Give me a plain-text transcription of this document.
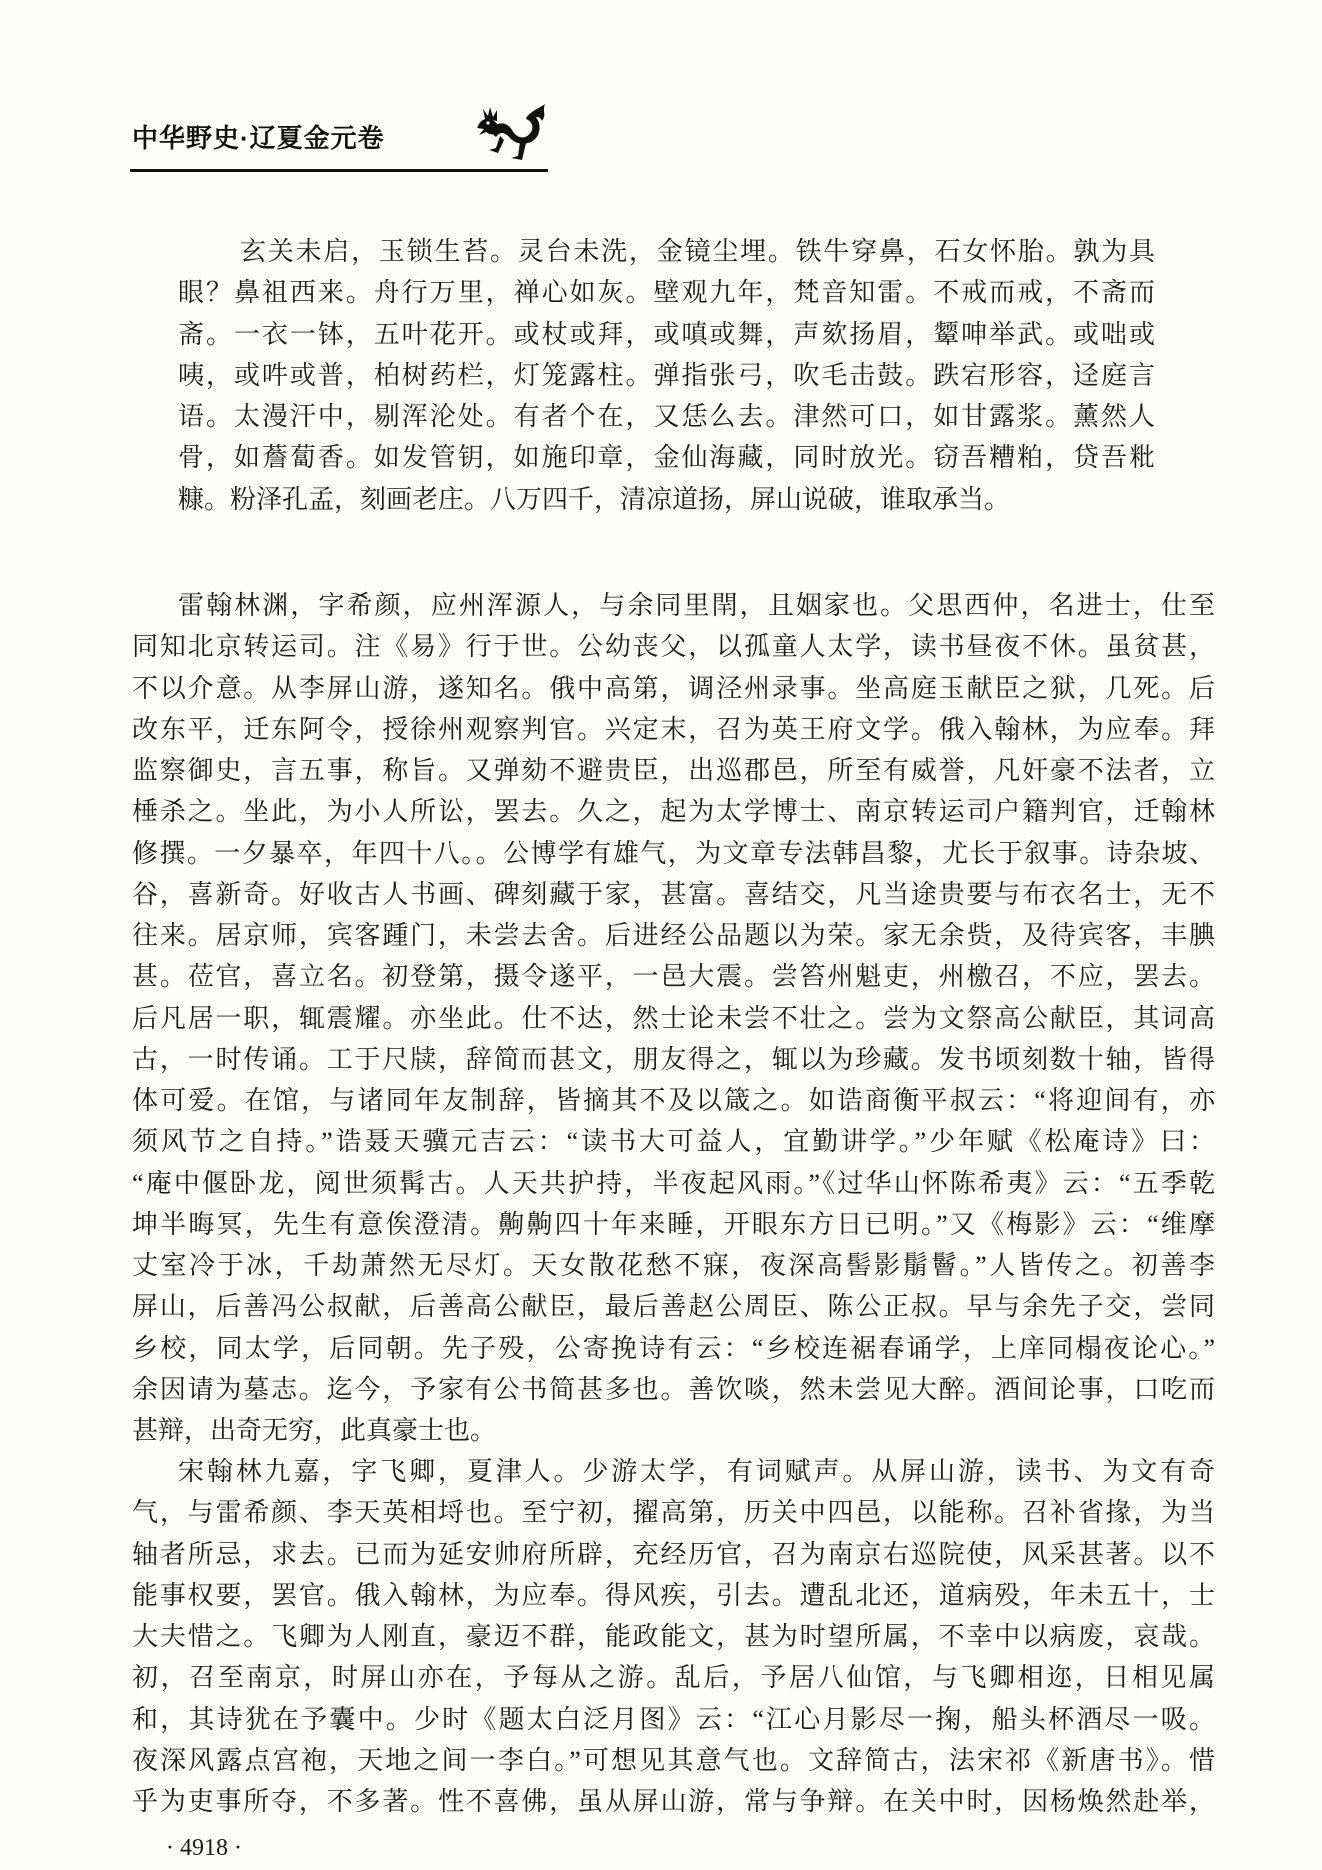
中华野史·辽夏金元卷
玄关未启，玉锁生苔。灵台未洗，金镜尘埋。铁牛穿鼻，石女怀胎。孰为具
眼？鼻祖西来。舟行万里，禅心如灰。壁观九年，梵音知雷。不戒而戒，不斋而
斋。一衣一钵，五叶花开。或杖或拜，或嗔或舞，声欬扬眉，颦呻举武。或咄或
咦，或吽或普，柏树药栏，灯笼露柱。弹指张弓，吹毛击鼓。跌宕形容，迳庭言
语。太漫汗中，剔浑沦处。有者个在，又恁么去。津然可口，如甘露浆。薰然人
骨，如薝蔔香。如发管钥，如施印章，金仙海藏，同时放光。窃吾糟粕，贷吾粃
糠。粉泽孔孟，刻画老庄。八万四千，清凉道扬，屏山说破，谁取承当。
雷翰林渊，字希颜，应州浑源人，与余同里閈，且姻家也。父思西仲，名进士，仕至
同知北京转运司。注《易》行于世。公幼丧父，以孤童人太学，读书昼夜不休。虽贫甚，
不以介意。从李屏山游，遂知名。俄中高第，调泾州录事。坐高庭玉献臣之狱，几死。后
改东平，迁东阿令，授徐州观察判官。兴定末，召为英王府文学。俄入翰林，为应奉。拜
监察御史，言五事，称旨。又弹劾不避贵臣，出巡郡邑，所至有威誉，凡奸豪不法者，立
棰杀之。坐此，为小人所讼，罢去。久之，起为太学博士、南京转运司户籍判官，迁翰林
修撰。一夕暴卒，年四十八。。公博学有雄气，为文章专法韩昌黎，尤长于叙事。诗杂坡、
谷，喜新奇。好收古人书画、碑刻藏于家，甚富。喜结交，凡当途贵要与布衣名士，无不
往来。居京师，宾客踵门，未尝去舍。后进经公品题以为荣。家无余赀，及待宾客，丰腆
甚。莅官，喜立名。初登第，摄令遂平，一邑大震。尝笞州魁吏，州檄召，不应，罢去。
后凡居一职，辄震耀。亦坐此。仕不达，然士论未尝不壮之。尝为文祭高公献臣，其词高
古，一时传诵。工于尺牍，辞简而甚文，朋友得之，辄以为珍藏。发书顷刻数十轴，皆得
体可爱。在馆，与诸同年友制辞，皆摘其不及以箴之。如诰商衡平叔云：“将迎间有，亦
须风节之自持。”诰聂天骥元吉云：“读书大可益人，宜勤讲学。”少年赋《松庵诗》曰：
“庵中偃卧龙，阅世须髯古。人天共护持，半夜起风雨。”《过华山怀陈希夷》云：“五季乾
坤半晦冥，先生有意俟澄清。齁齁四十年来睡，开眼东方日已明。”又《梅影》云：“维摩
丈室冷于冰，千劫萧然无尽灯。天女散花愁不寐，夜深高髻影鬅鬙。”人皆传之。初善李
屏山，后善冯公叔献，后善高公献臣，最后善赵公周臣、陈公正叔。早与余先子交，尝同
乡校，同太学，后同朝。先子殁，公寄挽诗有云：“乡校连裾春诵学，上庠同榻夜论心。”
余因请为墓志。迄今，予家有公书简甚多也。善饮啖，然未尝见大醉。酒间论事，口吃而
甚辩，出奇无穷，此真豪士也。
宋翰林九嘉，字飞卿，夏津人。少游太学，有词赋声。从屏山游，读书、为文有奇
气，与雷希颜、李天英相埒也。至宁初，擢高第，历关中四邑，以能称。召补省掾，为当
轴者所忌，求去。已而为延安帅府所辟，充经历官，召为南京右巡院使，风采甚著。以不
能事权要，罢官。俄入翰林，为应奉。得风疾，引去。遭乱北还，道病殁，年未五十，士
大夫惜之。飞卿为人刚直，豪迈不群，能政能文，甚为时望所属，不幸中以病废，哀哉。
初，召至南京，时屏山亦在，予每从之游。乱后，予居八仙馆，与飞卿相迩，日相见属
和，其诗犹在予囊中。少时《题太白泛月图》云：“江心月影尽一掬，船头杯酒尽一吸。
夜深风露点宫袍，天地之间一李白。”可想见其意气也。文辞简古，法宋祁《新唐书》。惜
乎为吏事所夺，不多著。性不喜佛，虽从屏山游，常与争辩。在关中时，因杨焕然赴举，
· 4918 ·
